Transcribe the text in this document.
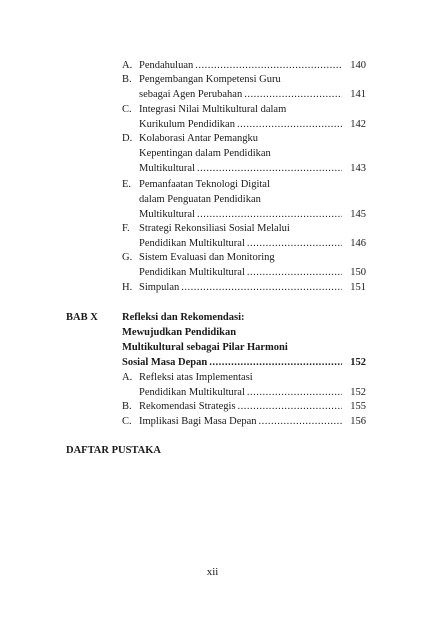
A. Pendahuluan .....	140
B. Pengembangan Kompetensi Guru
sebagai Agen Perubahan .....	141
C. Integrasi Nilai Multikultural dalam
Kurikulum Pendidikan .....	142
D. Kolaborasi Antar Pemangku
Kepentingan dalam Pendidikan
Multikultural .....	143
E. Pemanfaatan Teknologi Digital
dalam Penguatan Pendidikan
Multikultural .....	145
F. Strategi Rekonsiliasi Sosial Melalui
Pendidikan Multikultural .....	146
G. Sistem Evaluasi dan Monitoring
Pendidikan Multikultural .....	150
H. Simpulan .....	151
BAB X Refleksi dan Rekomendasi:
Mewujudkan Pendidikan
Multikultural sebagai Pilar Harmoni
Sosial Masa Depan .....	152
A. Refleksi atas Implementasi
Pendidikan Multikultural .....	152
B. Rekomendasi Strategis .....	155
C. Implikasi Bagi Masa Depan .....	156
DAFTAR PUSTAKA
xii
